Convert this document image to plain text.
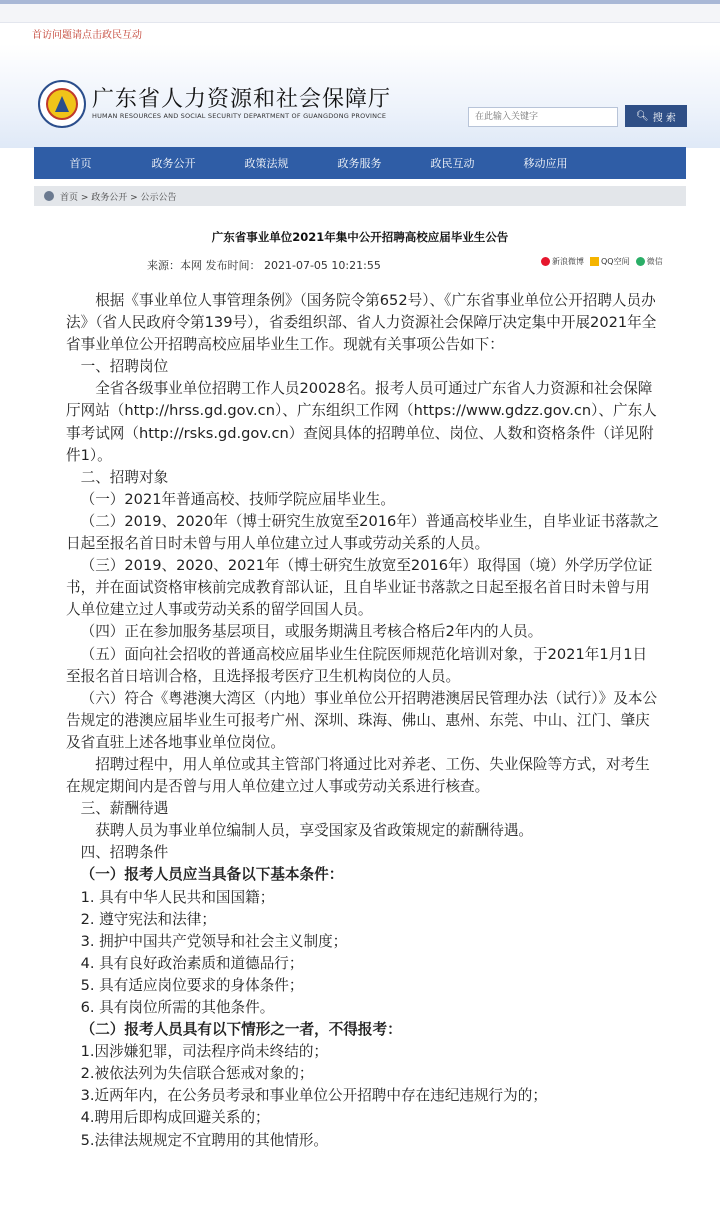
首访问题请点击政民互动
广东省人力资源和社会保障厅
HUMAN RESOURCES AND SOCIAL SECURITY DEPARTMENT OF GUANGDONG PROVINCE
在此输入关键字	🔍︎ 搜 索
首页	政务公开	政策法规	政务服务	政民互动	移动应用
首页 > 政务公开 > 公示公告
广东省事业单位2021年集中公开招聘高校应届毕业生公告
来源：本网 发布时间： 2021-07-05 10:21:55	新浪微博	QQ空间	微信

根据《事业单位人事管理条例》（国务院令第652号）、《广东省事业单位公开招聘人员办法》（省人民政府令第139号），省委组织部、省人力资源社会保障厅决定集中开展2021年全省事业单位公开招聘高校应届毕业生工作。现就有关事项公告如下：

一、招聘岗位

全省各级事业单位招聘工作人员20028名。报考人员可通过广东省人力资源和社会保障厅网站（http://hrss.gd.gov.cn）、广东组织工作网（https://www.gdzz.gov.cn）、广东人事考试网（http://rsks.gd.gov.cn）查阅具体的招聘单位、岗位、人数和资格条件（详见附件1）。

二、招聘对象

（一）2021年普通高校、技师学院应届毕业生。

（二）2019、2020年（博士研究生放宽至2016年）普通高校毕业生，自毕业证书落款之日起至报名首日时未曾与用人单位建立过人事或劳动关系的人员。

（三）2019、2020、2021年（博士研究生放宽至2016年）取得国（境）外学历学位证书，并在面试资格审核前完成教育部认证，且自毕业证书落款之日起至报名首日时未曾与用人单位建立过人事或劳动关系的留学回国人员。

（四）正在参加服务基层项目，或服务期满且考核合格后2年内的人员。

（五）面向社会招收的普通高校应届毕业生住院医师规范化培训对象，于2021年1月1日至报名首日培训合格，且选择报考医疗卫生机构岗位的人员。

（六）符合《粤港澳大湾区（内地）事业单位公开招聘港澳居民管理办法（试行）》及本公告规定的港澳应届毕业生可报考广州、深圳、珠海、佛山、惠州、东莞、中山、江门、肇庆及省直驻上述各地事业单位岗位。

招聘过程中，用人单位或其主管部门将通过比对养老、工伤、失业保险等方式，对考生在规定期间内是否曾与用人单位建立过人事或劳动关系进行核查。

三、薪酬待遇

获聘人员为事业单位编制人员，享受国家及省政策规定的薪酬待遇。

四、招聘条件

（一）报考人员应当具备以下基本条件：

1. 具有中华人民共和国国籍；

2. 遵守宪法和法律；

3. 拥护中国共产党领导和社会主义制度；

4. 具有良好政治素质和道德品行；

5. 具有适应岗位要求的身体条件；

6. 具有岗位所需的其他条件。

（二）报考人员具有以下情形之一者，不得报考：

1.因涉嫌犯罪，司法程序尚未终结的；

2.被依法列为失信联合惩戒对象的；

3.近两年内，在公务员考录和事业单位公开招聘中存在违纪违规行为的；

4.聘用后即构成回避关系的；

5.法律法规规定不宜聘用的其他情形。
